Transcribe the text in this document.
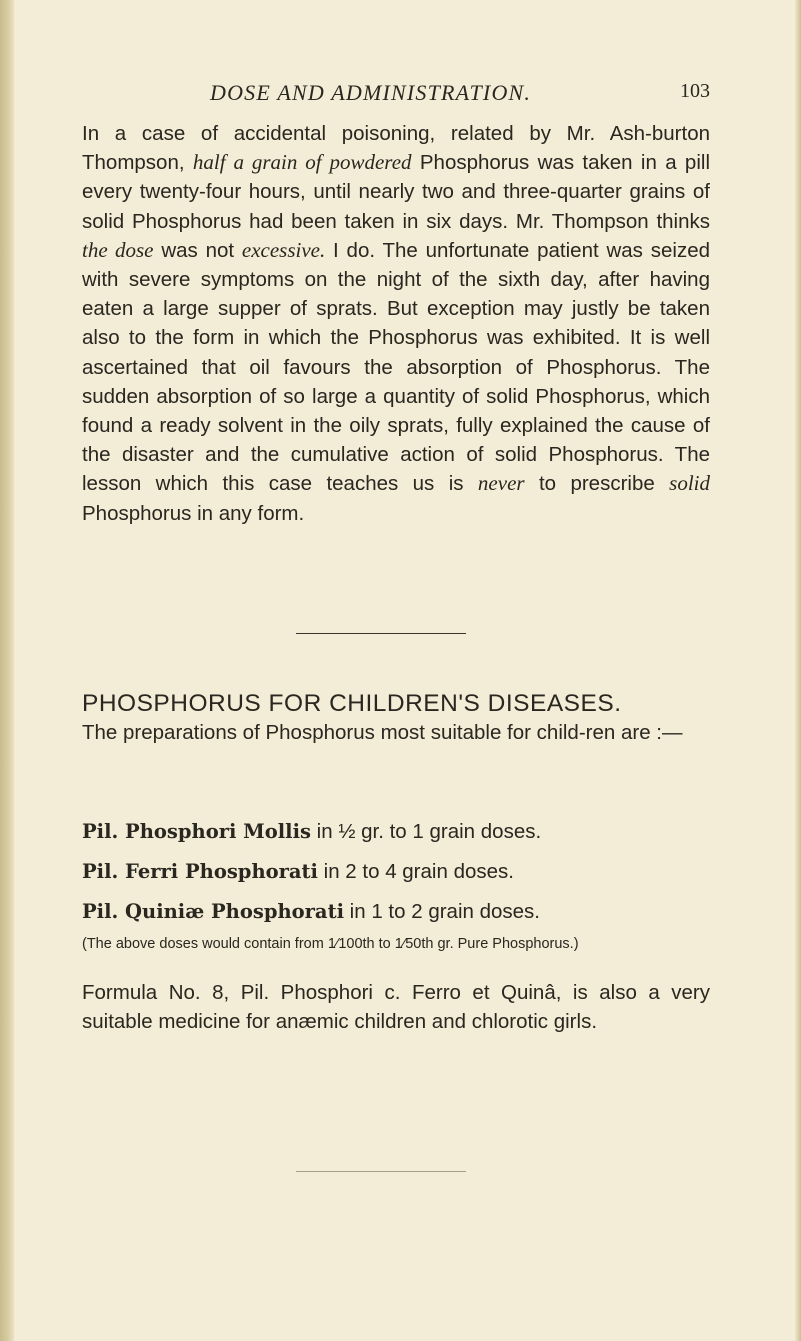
DOSE AND ADMINISTRATION.	103

In a case of accidental poisoning, related by Mr. Ash-burton Thompson, half a grain of powdered Phosphorus was taken in a pill every twenty-four hours, until nearly two and three-quarter grains of solid Phosphorus had been taken in six days. Mr. Thompson thinks the dose was not excessive. I do. The unfortunate patient was seized with severe symptoms on the night of the sixth day, after having eaten a large supper of sprats. But exception may justly be taken also to the form in which the Phosphorus was exhibited. It is well ascertained that oil favours the absorption of Phosphorus. The sudden absorption of so large a quantity of solid Phosphorus, which found a ready solvent in the oily sprats, fully explained the cause of the disaster and the cumulative action of solid Phosphorus. The lesson which this case teaches us is never to prescribe solid Phosphorus in any form.

PHOSPHORUS FOR CHILDREN'S DISEASES.

The preparations of Phosphorus most suitable for child-ren are :—

Pil. Phosphori Mollis in ½ gr. to 1 grain doses.
Pil. Ferri Phosphorati in 2 to 4 grain doses.
Pil. Quiniæ Phosphorati in 1 to 2 grain doses.
(The above doses would contain from 1⁄100th to 1⁄50th gr. Pure Phosphorus.)

Formula No. 8, Pil. Phosphori c. Ferro et Quinâ, is also a very suitable medicine for anæmic children and chlorotic girls.
